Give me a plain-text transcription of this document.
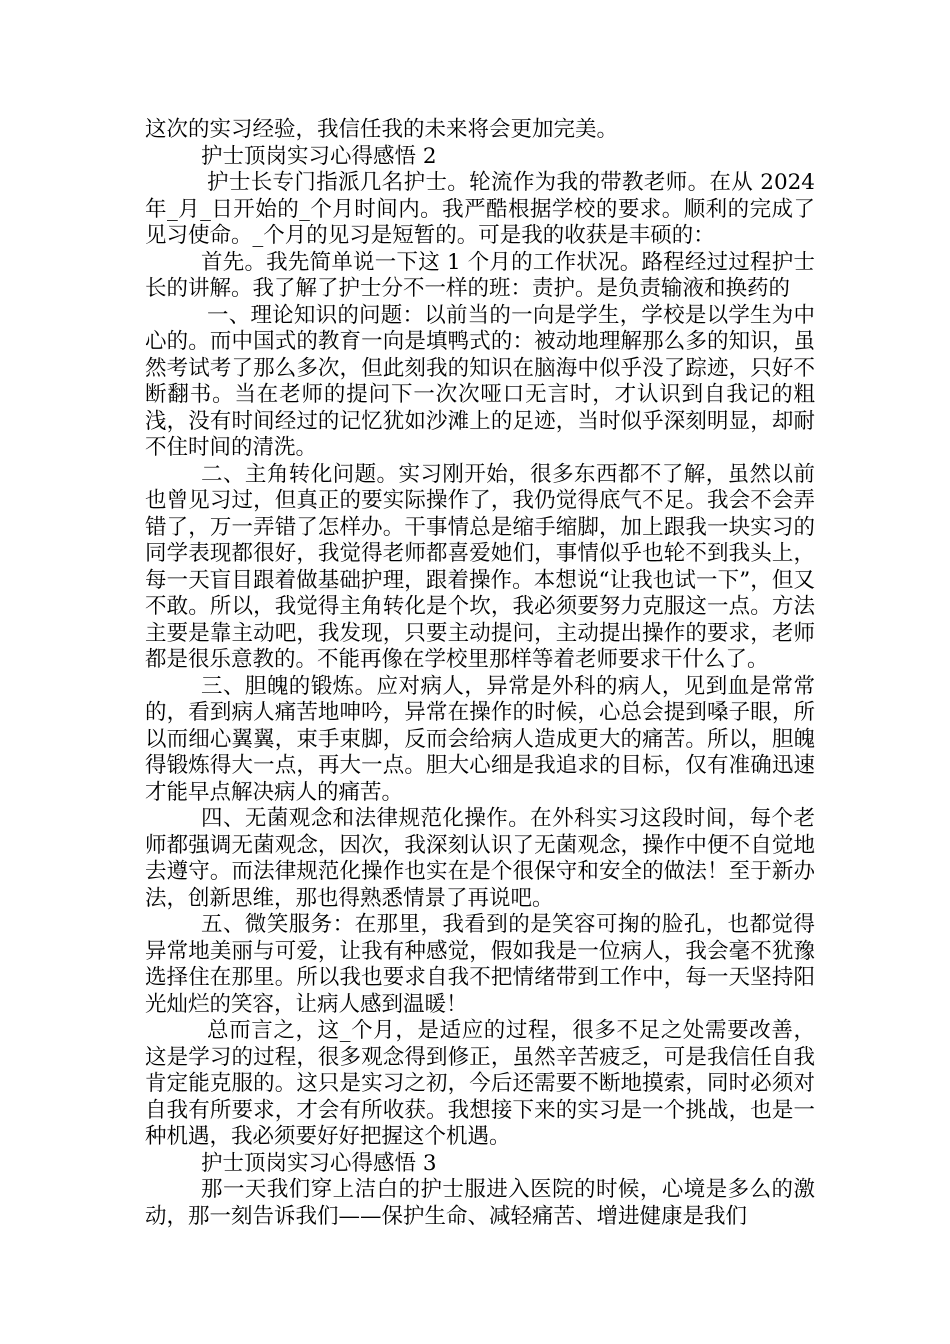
这次的实习经验，我信任我的未来将会更加完美。

护士顶岗实习心得感悟 2

护士长专门指派几名护士。轮流作为我的带教老师。在从 2024 年_月_日开始的_个月时间内。我严酷根据学校的要求。顺利的完成了见习使命。_个月的见习是短暂的。可是我的收获是丰硕的：

首先。我先简单说一下这 1 个月的工作状况。路程经过过程护士长的讲解。我了解了护士分不一样的班：责护。是负责输液和换药的

一、理论知识的问题：以前当的一向是学生，学校是以学生为中心的。而中国式的教育一向是填鸭式的：被动地理解那么多的知识，虽然考试考了那么多次，但此刻我的知识在脑海中似乎没了踪迹，只好不断翻书。当在老师的提问下一次次哑口无言时，才认识到自我记的粗浅，没有时间经过的记忆犹如沙滩上的足迹，当时似乎深刻明显，却耐不住时间的清洗。

二、主角转化问题。实习刚开始，很多东西都不了解，虽然以前也曾见习过，但真正的要实际操作了，我仍觉得底气不足。我会不会弄错了，万一弄错了怎样办。干事情总是缩手缩脚，加上跟我一块实习的同学表现都很好，我觉得老师都喜爱她们，事情似乎也轮不到我头上，每一天盲目跟着做基础护理，跟着操作。本想说“让我也试一下”，但又不敢。所以，我觉得主角转化是个坎，我必须要努力克服这一点。方法主要是靠主动吧，我发现，只要主动提问，主动提出操作的要求，老师都是很乐意教的。不能再像在学校里那样等着老师要求干什么了。

三、胆魄的锻炼。应对病人，异常是外科的病人，见到血是常常的，看到病人痛苦地呻吟，异常在操作的时候，心总会提到嗓子眼，所以而细心翼翼，束手束脚，反而会给病人造成更大的痛苦。所以，胆魄得锻炼得大一点，再大一点。胆大心细是我追求的目标，仅有准确迅速才能早点解决病人的痛苦。

四、无菌观念和法律规范化操作。在外科实习这段时间，每个老师都强调无菌观念，因次，我深刻认识了无菌观念，操作中便不自觉地去遵守。而法律规范化操作也实在是个很保守和安全的做法！至于新办法，创新思维，那也得熟悉情景了再说吧。

五、微笑服务：在那里，我看到的是笑容可掬的脸孔，也都觉得异常地美丽与可爱，让我有种感觉，假如我是一位病人，我会毫不犹豫选择住在那里。所以我也要求自我不把情绪带到工作中，每一天坚持阳光灿烂的笑容，让病人感到温暖！

总而言之，这_个月，是适应的过程，很多不足之处需要改善，这是学习的过程，很多观念得到修正，虽然辛苦疲乏，可是我信任自我肯定能克服的。这只是实习之初，今后还需要不断地摸索，同时必须对自我有所要求，才会有所收获。我想接下来的实习是一个挑战，也是一种机遇，我必须要好好把握这个机遇。

护士顶岗实习心得感悟 3

那一天我们穿上洁白的护士服进入医院的时候，心境是多么的激动，那一刻告诉我们——保护生命、减轻痛苦、增进健康是我们
